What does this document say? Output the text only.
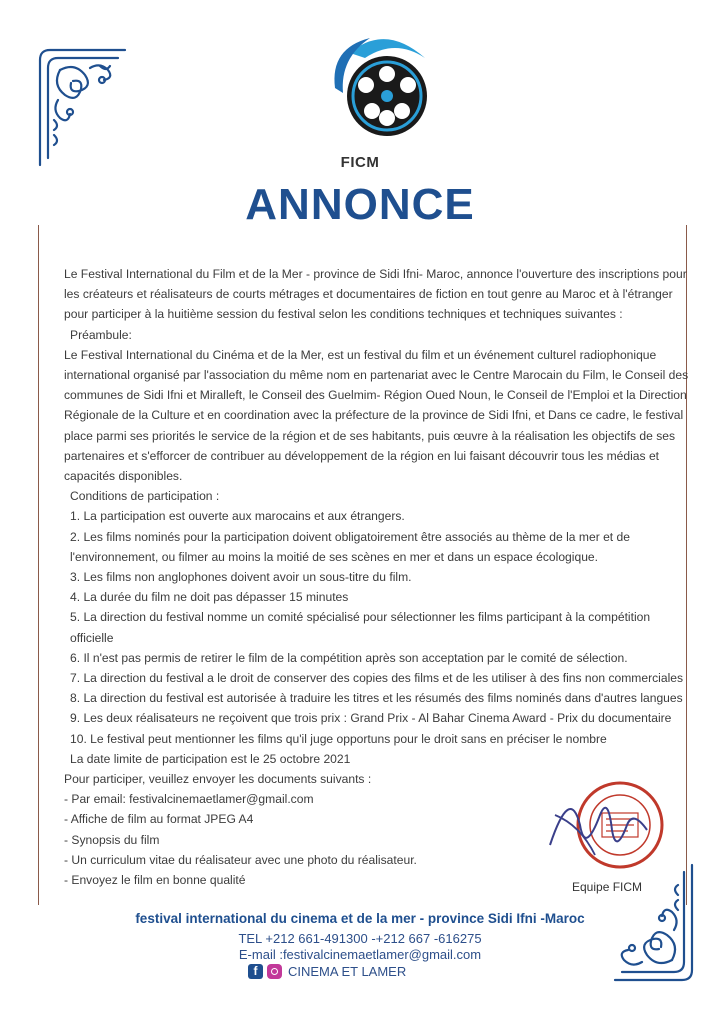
FICM
ANNONCE

Le Festival International du Film et de la Mer - province de Sidi Ifni- Maroc, annonce l'ouverture des inscriptions pour les créateurs et réalisateurs de courts métrages et documentaires de fiction en tout genre au Maroc et à l'étranger pour participer à la huitième session du festival selon les conditions techniques et techniques suivantes :

Préambule:

Le Festival International du Cinéma et de la Mer, est un festival du film et un événement culturel radiophonique international organisé par l'association du même nom en partenariat avec le Centre Marocain du Film, le Conseil des communes de Sidi Ifni et Miralleft, le Conseil des Guelmim- Région Oued Noun, le Conseil de l'Emploi et la Direction Régionale de la Culture et en coordination avec la préfecture de la province de Sidi Ifni, et Dans ce cadre, le festival place parmi ses priorités le service de la région et de ses habitants, puis œuvre à la réalisation les objectifs de ses partenaires et s'efforcer de contribuer au développement de la région en lui faisant découvrir tous les médias et capacités disponibles.

Conditions de participation :

1. La participation est ouverte aux marocains et aux étrangers.

2. Les films nominés pour la participation doivent obligatoirement être associés au thème de la mer et de l'environnement, ou filmer au moins la moitié de ses scènes en mer et dans un espace écologique.

3. Les films non anglophones doivent avoir un sous-titre du film.

4. La durée du film ne doit pas dépasser 15 minutes

5. La direction du festival nomme un comité spécialisé pour sélectionner les films participant à la compétition officielle

6. Il n'est pas permis de retirer le film de la compétition après son acceptation par le comité de sélection.

7. La direction du festival a le droit de conserver des copies des films et de les utiliser à des fins non commerciales

8. La direction du festival est autorisée à traduire les titres et les résumés des films nominés dans d'autres langues

9. Les deux réalisateurs ne reçoivent que trois prix : Grand Prix - Al Bahar Cinema Award - Prix du documentaire

10. Le festival peut mentionner les films qu'il juge opportuns pour le droit sans en préciser le nombre

La date limite de participation est le 25 octobre 2021

Pour participer, veuillez envoyer les documents suivants :

- Par email: festivalcinemaetlamer@gmail.com

- Affiche de film au format JPEG A4

- Synopsis du film

- Un curriculum vitae du réalisateur avec une photo du réalisateur.

- Envoyez le film en bonne qualité	Equipe FICM
festival international du cinema et de la mer - province Sidi Ifni -Maroc
TEL +212 661-491300 -+212 667 -616275
E-mail :festivalcinemaetlamer@gmail.com
f	CINEMA ET LAMER
